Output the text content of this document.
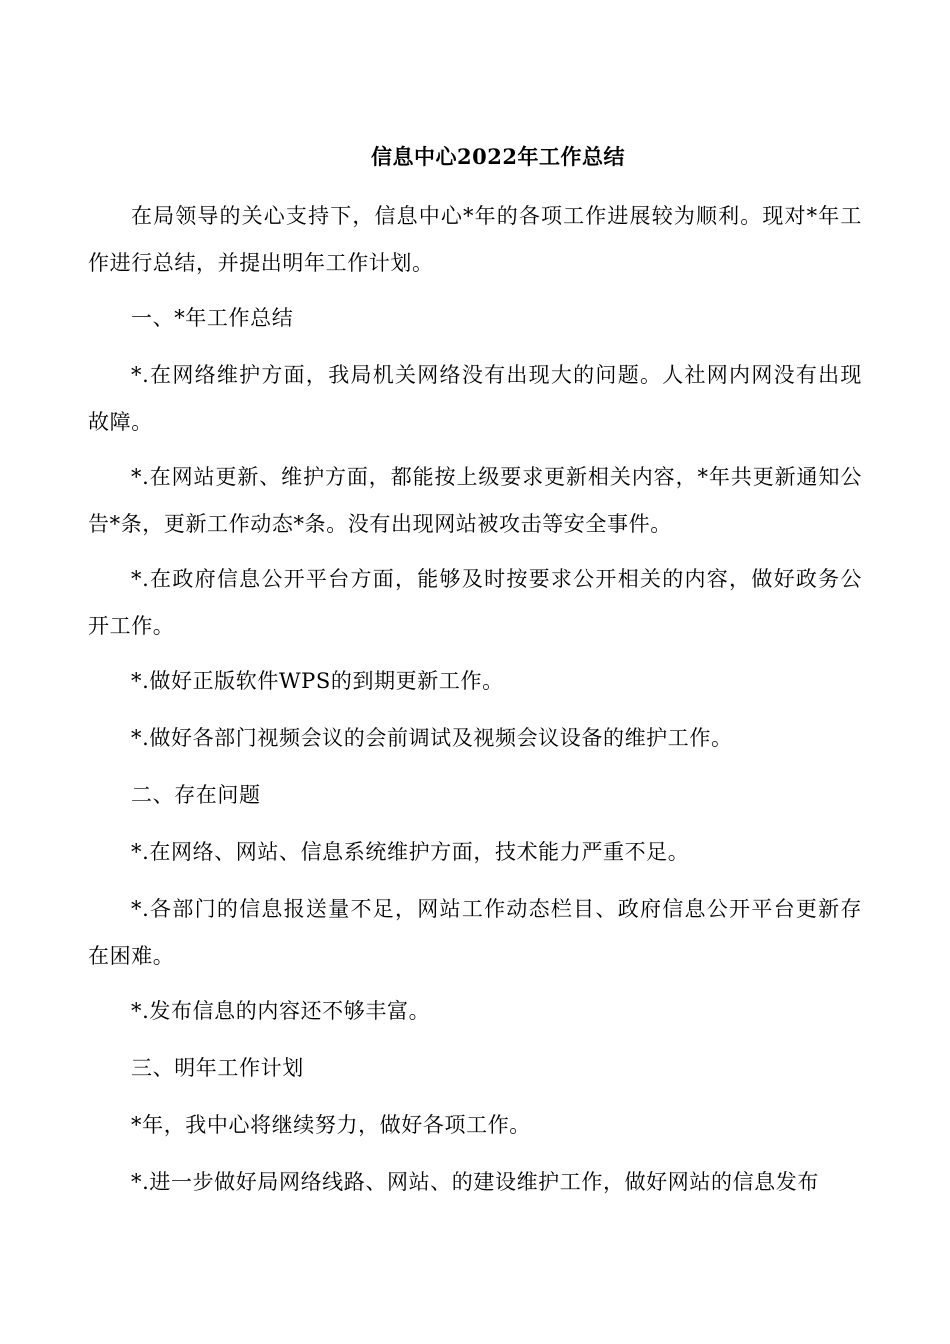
信息中心2022年工作总结

在局领导的关心支持下，信息中心*年的各项工作进展较为顺利。现对*年工作进行总结，并提出明年工作计划。

一、*年工作总结

*.在网络维护方面，我局机关网络没有出现大的问题。人社网内网没有出现故障。

*.在网站更新、维护方面，都能按上级要求更新相关内容，*年共更新通知公告*条，更新工作动态*条。没有出现网站被攻击等安全事件。

*.在政府信息公开平台方面，能够及时按要求公开相关的内容，做好政务公开工作。

*.做好正版软件WPS的到期更新工作。

*.做好各部门视频会议的会前调试及视频会议设备的维护工作。

二、存在问题

*.在网络、网站、信息系统维护方面，技术能力严重不足。

*.各部门的信息报送量不足，网站工作动态栏目、政府信息公开平台更新存在困难。

*.发布信息的内容还不够丰富。

三、明年工作计划

*年，我中心将继续努力，做好各项工作。

*.进一步做好局网络线路、网站、的建设维护工作，做好网站的信息发布
